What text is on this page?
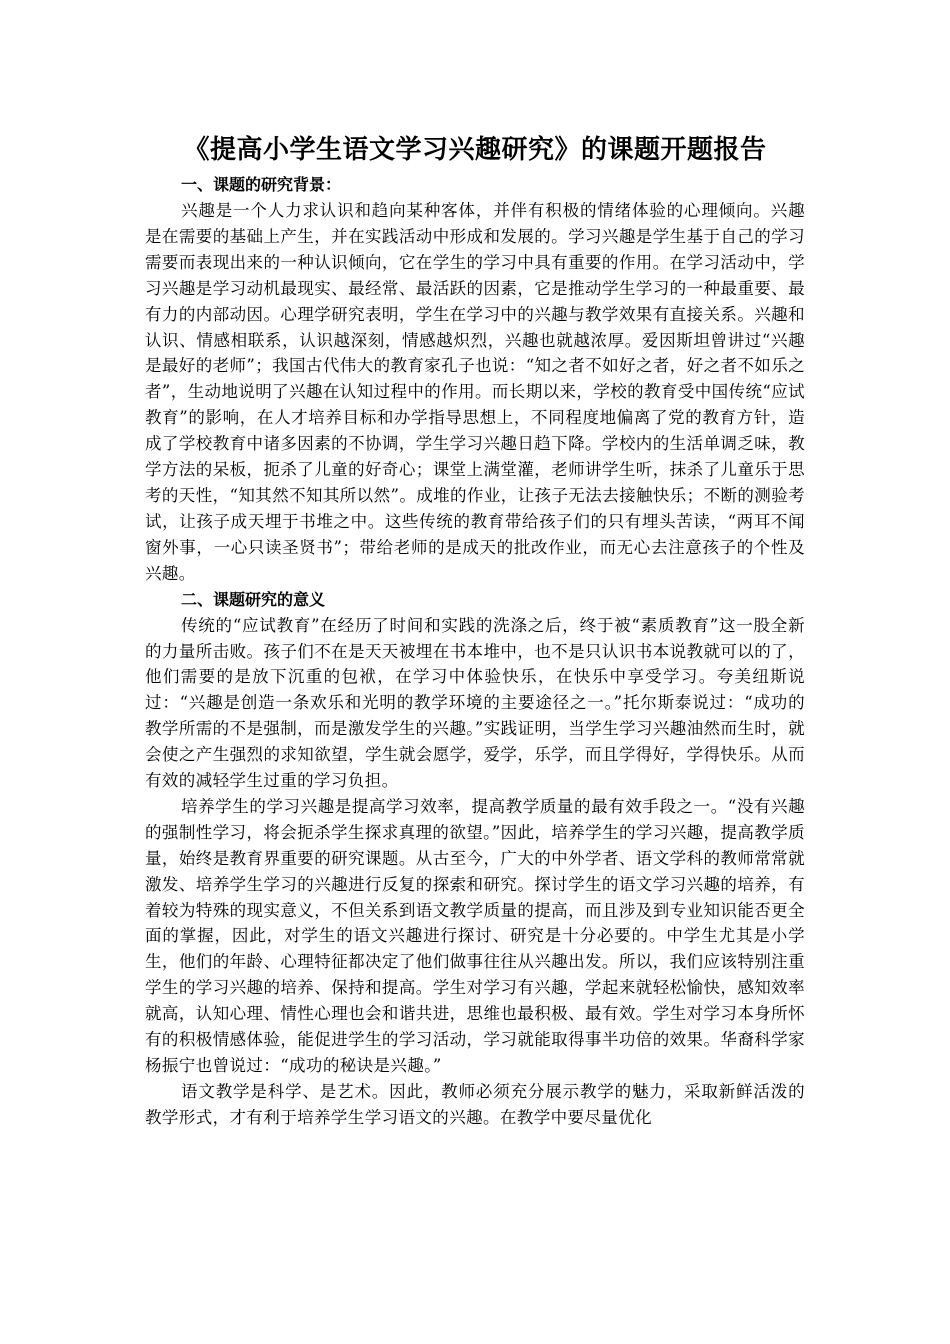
《提高小学生语文学习兴趣研究》的课题开题报告
一、课题的研究背景：

兴趣是一个人力求认识和趋向某种客体，并伴有积极的情绪体验的心理倾向。兴趣是在需要的基础上产生，并在实践活动中形成和发展的。学习兴趣是学生基于自己的学习需要而表现出来的一种认识倾向，它在学生的学习中具有重要的作用。在学习活动中，学习兴趣是学习动机最现实、最经常、最活跃的因素，它是推动学生学习的一种最重要、最有力的内部动因。心理学研究表明，学生在学习中的兴趣与教学效果有直接关系。兴趣和认识、情感相联系，认识越深刻，情感越炽烈，兴趣也就越浓厚。爱因斯坦曾讲过“兴趣是最好的老师”；我国古代伟大的教育家孔子也说：“知之者不如好之者，好之者不如乐之者”，生动地说明了兴趣在认知过程中的作用。而长期以来，学校的教育受中国传统“应试教育”的影响，在人才培养目标和办学指导思想上，不同程度地偏离了党的教育方针，造成了学校教育中诸多因素的不协调，学生学习兴趣日趋下降。学校内的生活单调乏味，教学方法的呆板，扼杀了儿童的好奇心；课堂上满堂灌，老师讲学生听，抹杀了儿童乐于思考的天性，“知其然不知其所以然”。成堆的作业，让孩子无法去接触快乐；不断的测验考试，让孩子成天埋于书堆之中。这些传统的教育带给孩子们的只有埋头苦读，“两耳不闻窗外事，一心只读圣贤书”；带给老师的是成天的批改作业，而无心去注意孩子的个性及兴趣。

二、课题研究的意义

传统的“应试教育”在经历了时间和实践的洗涤之后，终于被“素质教育”这一股全新的力量所击败。孩子们不在是天天被埋在书本堆中，也不是只认识书本说教就可以的了，他们需要的是放下沉重的包袱，在学习中体验快乐，在快乐中享受学习。夸美纽斯说过：“兴趣是创造一条欢乐和光明的教学环境的主要途径之一。”托尔斯泰说过：“成功的教学所需的不是强制，而是激发学生的兴趣。”实践证明，当学生学习兴趣油然而生时，就会使之产生强烈的求知欲望，学生就会愿学，爱学，乐学，而且学得好，学得快乐。从而有效的减轻学生过重的学习负担。

培养学生的学习兴趣是提高学习效率，提高教学质量的最有效手段之一。“没有兴趣的强制性学习，将会扼杀学生探求真理的欲望。”因此，培养学生的学习兴趣，提高教学质量，始终是教育界重要的研究课题。从古至今，广大的中外学者、语文学科的教师常常就激发、培养学生学习的兴趣进行反复的探索和研究。探讨学生的语文学习兴趣的培养，有着较为特殊的现实意义，不但关系到语文教学质量的提高，而且涉及到专业知识能否更全面的掌握，因此，对学生的语文兴趣进行探讨、研究是十分必要的。中学生尤其是小学生，他们的年龄、心理特征都决定了他们做事往往从兴趣出发。所以，我们应该特别注重学生的学习兴趣的培养、保持和提高。学生对学习有兴趣，学起来就轻松愉快，感知效率就高，认知心理、情性心理也会和谐共进，思维也最积极、最有效。学生对学习本身所怀有的积极情感体验，能促进学生的学习活动，学习就能取得事半功倍的效果。华裔科学家杨振宁也曾说过：“成功的秘诀是兴趣。”

语文教学是科学、是艺术。因此，教师必须充分展示教学的魅力，采取新鲜活泼的教学形式，才有利于培养学生学习语文的兴趣。在教学中要尽量优化
